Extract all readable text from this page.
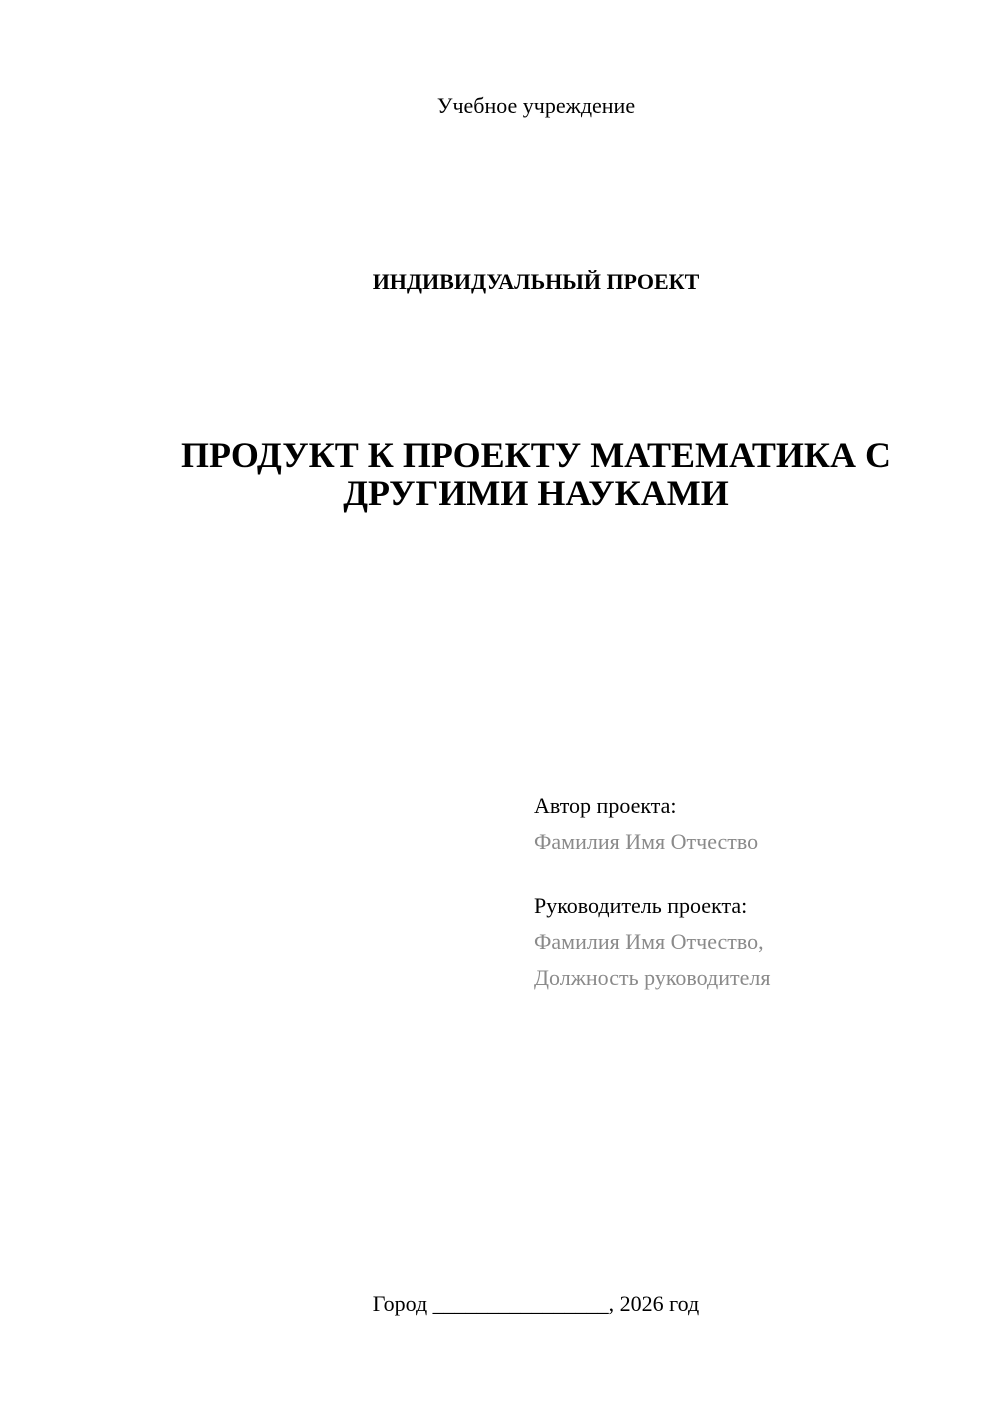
Учебное учреждение
ИНДИВИДУАЛЬНЫЙ ПРОЕКТ
ПРОДУКТ К ПРОЕКТУ МАТЕМАТИКА С
ДРУГИМИ НАУКАМИ
Автор проекта:
Фамилия Имя Отчество
Руководитель проекта:
Фамилия Имя Отчество,
Должность руководителя
Город ________________, 2026 год
